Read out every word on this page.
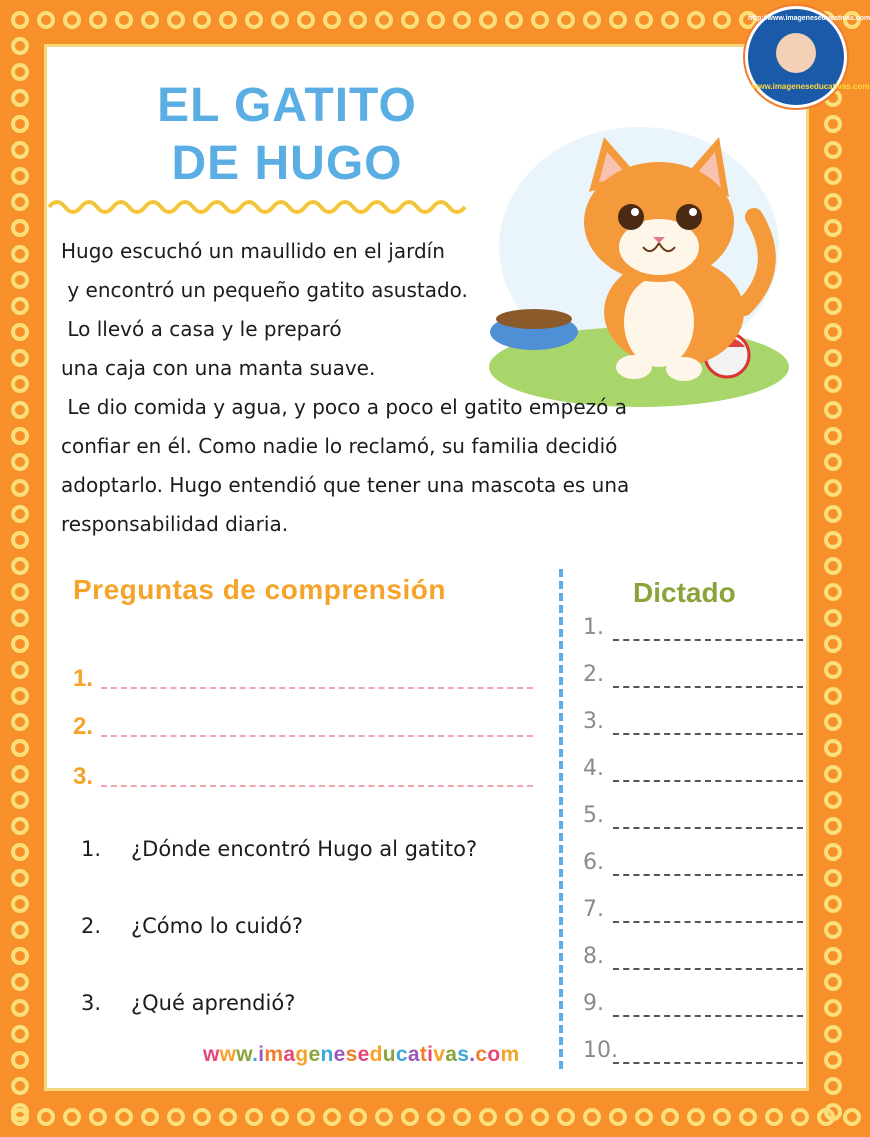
EL GATITO
DE HUGO

Hugo escuchó un maullido en el jardín
y encontró un pequeño gatito asustado.
Lo llevó a casa y le preparó
una caja con una manta suave.
Le dio comida y agua, y poco a poco el gatito empezó a
confiar en él. Como nadie lo reclamó, su familia decidió
adoptarlo. Hugo entendió que tener una mascota es una
responsabilidad diaria.

Preguntas de comprensión
1.
2.
3.
1. ¿Dónde encontró Hugo al gatito?
2. ¿Cómo lo cuidó?
3. ¿Qué aprendió?
Dictado
1.
2.
3.
4.
5.
6.
7.
8.
9.
10.

www.imageneseducativas.com

http://www.imageneseducativas.com
www.imageneseducativas.com
